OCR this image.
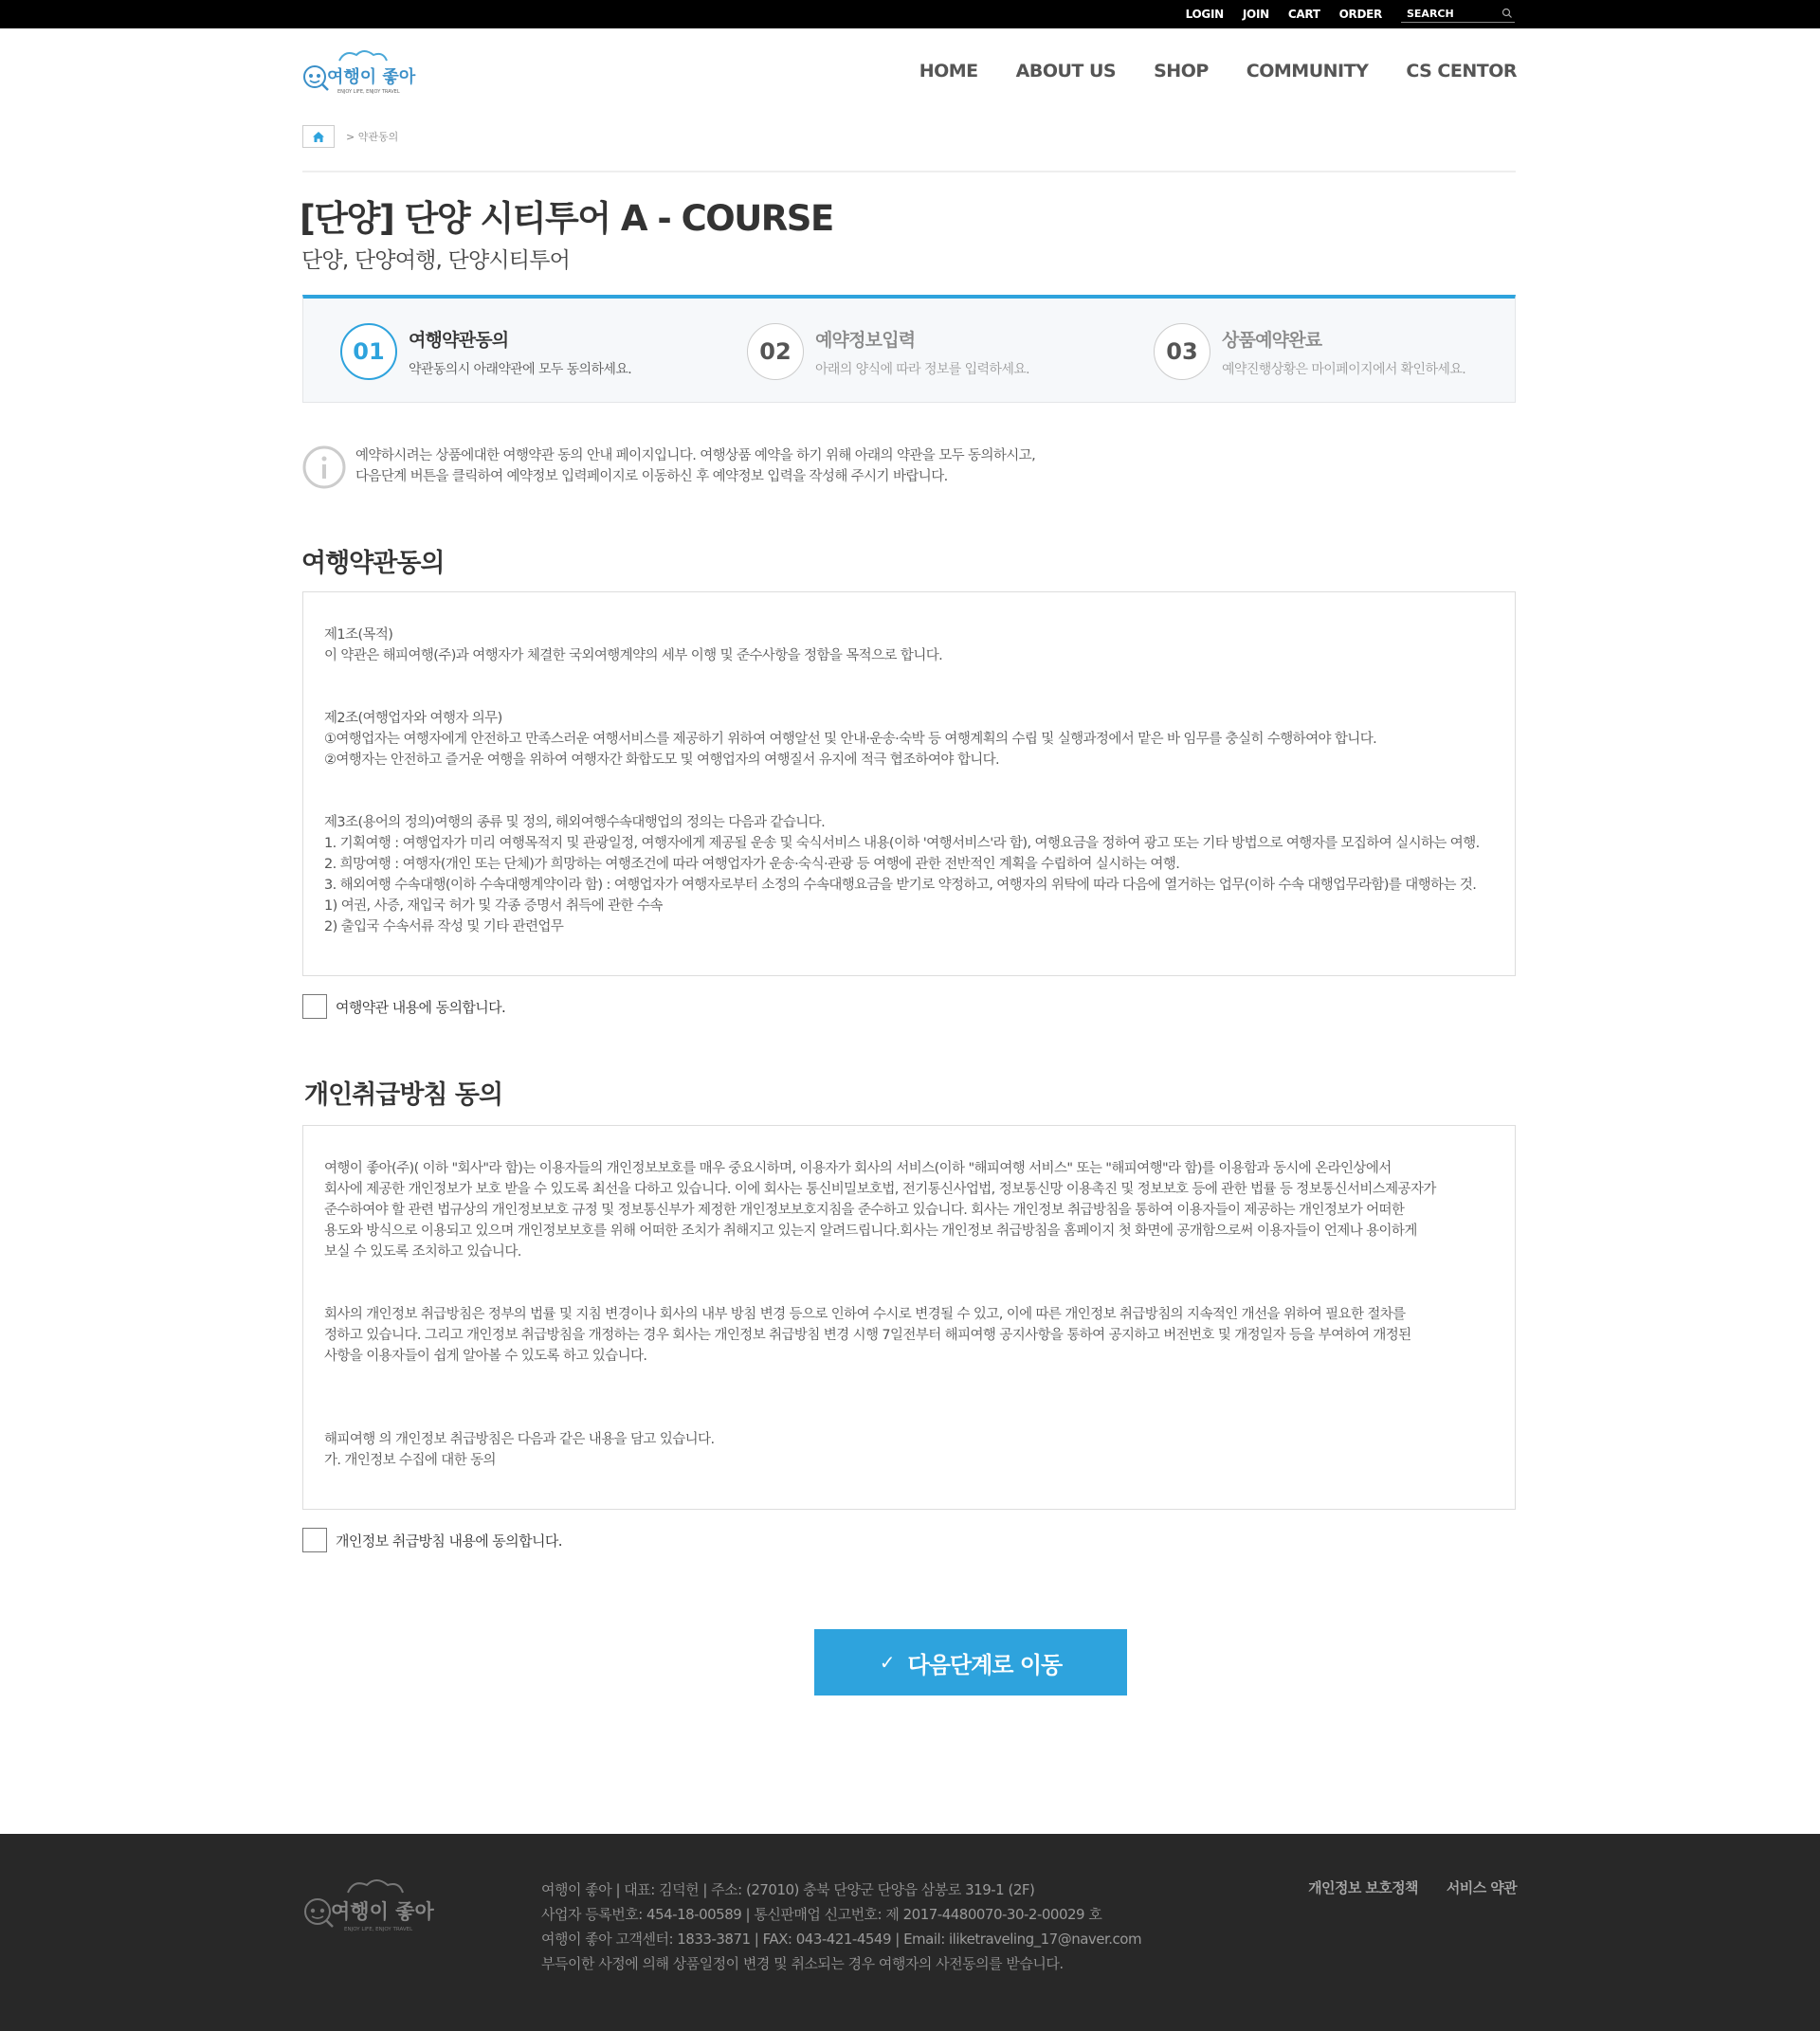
LOGIN JOIN CART ORDER
SEARCH
여행이 좋아
ENJOY LIFE, ENJOY TRAVEL
HOME ABOUT US SHOP COMMUNITY CS CENTOR
> 약관동의
[단양] 단양 시티투어 A - COURSE
단양, 단양여행, 단양시티투어
01	여행약관동의
약관동의시 아래약관에 모두 동의하세요.
02	예약정보입력
아래의 양식에 따라 정보를 입력하세요.
03	상품예약완료
예약진행상황은 마이페이지에서 확인하세요.
예약하시려는 상품에대한 여행약관 동의 안내 페이지입니다. 여행상품 예약을 하기 위해 아래의 약관을 모두 동의하시고,
다음단계 버튼을 클릭하여 예약정보 입력페이지로 이동하신 후 예약정보 입력을 작성해 주시기 바랍니다.
여행약관동의

제1조(목적)
이 약관은 해피여행(주)과 여행자가 체결한 국외여행계약의 세부 이행 및 준수사항을 정함을 목적으로 합니다.

제2조(여행업자와 여행자 의무)
①여행업자는 여행자에게 안전하고 만족스러운 여행서비스를 제공하기 위하여 여행알선 및 안내·운송·숙박 등 여행계획의 수립 및 실행과정에서 맡은 바 임무를 충실히 수행하여야 합니다.
②여행자는 안전하고 즐거운 여행을 위하여 여행자간 화합도모 및 여행업자의 여행질서 유지에 적극 협조하여야 합니다.

제3조(용어의 정의)여행의 종류 및 정의, 해외여행수속대행업의 정의는 다음과 같습니다.
1. 기획여행 : 여행업자가 미리 여행목적지 및 관광일정, 여행자에게 제공될 운송 및 숙식서비스 내용(이하 '여행서비스'라 함), 여행요금을 정하여 광고 또는 기타 방법으로 여행자를 모집하여 실시하는 여행.
2. 희망여행 : 여행자(개인 또는 단체)가 희망하는 여행조건에 따라 여행업자가 운송·숙식·관광 등 여행에 관한 전반적인 계획을 수립하여 실시하는 여행.
3. 해외여행 수속대행(이하 수속대행계약이라 함) : 여행업자가 여행자로부터 소정의 수속대행요금을 받기로 약정하고, 여행자의 위탁에 따라 다음에 열거하는 업무(이하 수속 대행업무라함)를 대행하는 것.
1) 여권, 사증, 재입국 허가 및 각종 증명서 취득에 관한 수속
2) 출입국 수속서류 작성 및 기타 관련업무

여행약관 내용에 동의합니다.
개인취급방침 동의

여행이 좋아(주)( 이하 "회사"라 함)는 이용자들의 개인정보보호를 매우 중요시하며, 이용자가 회사의 서비스(이하 "해피여행 서비스" 또는 "해피여행"라 함)를 이용함과 동시에 온라인상에서
회사에 제공한 개인정보가 보호 받을 수 있도록 최선을 다하고 있습니다. 이에 회사는 통신비밀보호법, 전기통신사업법, 정보통신망 이용촉진 및 정보보호 등에 관한 법률 등 정보통신서비스제공자가
준수하여야 할 관련 법규상의 개인정보보호 규정 및 정보통신부가 제정한 개인정보보호지침을 준수하고 있습니다. 회사는 개인정보 취급방침을 통하여 이용자들이 제공하는 개인정보가 어떠한
용도와 방식으로 이용되고 있으며 개인정보보호를 위해 어떠한 조치가 취해지고 있는지 알려드립니다.회사는 개인정보 취급방침을 홈페이지 첫 화면에 공개함으로써 이용자들이 언제나 용이하게
보실 수 있도록 조치하고 있습니다.

회사의 개인정보 취급방침은 정부의 법률 및 지침 변경이나 회사의 내부 방침 변경 등으로 인하여 수시로 변경될 수 있고, 이에 따른 개인정보 취급방침의 지속적인 개선을 위하여 필요한 절차를
정하고 있습니다. 그리고 개인정보 취급방침을 개정하는 경우 회사는 개인정보 취급방침 변경 시행 7일전부터 해피여행 공지사항을 통하여 공지하고 버전번호 및 개정일자 등을 부여하여 개정된
사항을 이용자들이 쉽게 알아볼 수 있도록 하고 있습니다.

해피여행 의 개인정보 취급방침은 다음과 같은 내용을 담고 있습니다.
가. 개인정보 수집에 대한 동의

개인정보 취급방침 내용에 동의합니다.
✓ 다음단계로 이동
여행이 좋아
ENJOY LIFE, ENJOY TRAVEL
여행이 좋아 | 대표: 김덕헌 | 주소: (27010) 충북 단양군 단양읍 삼봉로 319-1 (2F)
사업자 등록번호: 454-18-00589 | 통신판매업 신고번호: 제 2017-4480070-30-2-00029 호
여행이 좋아 고객센터: 1833-3871 | FAX: 043-421-4549 | Email: iliketraveling_17@naver.com
부득이한 사정에 의해 상품일정이 변경 및 취소되는 경우 여행자의 사전동의를 받습니다.
개인정보 보호정책 서비스 약관
